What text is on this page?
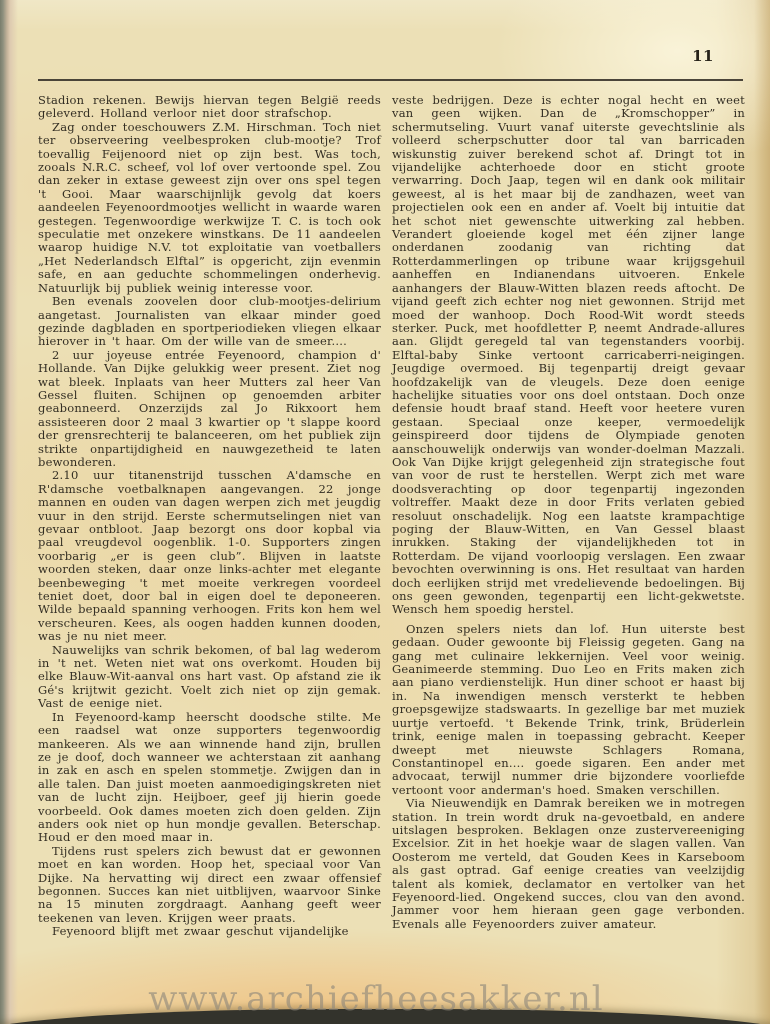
11

Stadion rekenen. Bewijs hiervan tegen België reeds geleverd. Holland verloor niet door strafschop.

Zag onder toeschouwers Z.M. Hirschman. Toch niet ter observeering veelbesproken club-mootje? Trof toevallig Feijenoord niet op zijn best. Was toch, zooals N.R.C. scheef, vol lof over vertoonde spel. Zou dan zeker in extase geweest zijn over ons spel tegen 't Gooi. Maar waarschijnlijk gevolg dat koers aandeelen Feyenoordmootjes wellicht in waarde waren gestegen. Tegenwoordige werkwijze T. C. is toch ook speculatie met onzekere winstkans. De 11 aandeelen waarop huidige N.V. tot exploitatie van voetballers „Het Nederlandsch Elftal” is opgericht, zijn evenmin safe, en aan geduchte schommelingen onderhevig. Natuurlijk bij publiek weinig interesse voor.

Ben evenals zoovelen door club-mootjes-delirium aangetast. Journalisten van elkaar minder goed gezinde dagbladen en sportperiodieken vliegen elkaar hierover in 't haar. Om der wille van de smeer....

2 uur joyeuse entrée Feyenoord, champion d' Hollande. Van Dijke gelukkig weer present. Ziet nog wat bleek. Inplaats van heer Mutters zal heer Van Gessel fluiten. Schijnen op genoemden arbiter geabonneerd. Onzerzijds zal Jo Rikxoort hem assisteeren door 2 maal 3 kwartier op 't slappe koord der grensrechterij te balanceeren, om het publiek zijn strikte onpartijdigheid en nauwgezetheid te laten bewonderen.

2.10 uur titanenstrijd tusschen A'damsche en R'damsche voetbalknapen aangevangen. 22 jonge mannen en ouden van dagen werpen zich met jeugdig vuur in den strijd. Eerste schermutselingen niet van gevaar ontbloot. Jaap bezorgt ons door kopbal via paal vreugdevol oogenblik. 1-0. Supporters zingen voorbarig „er is geen club”. Blijven in laatste woorden steken, daar onze links-achter met elegante beenbeweging 't met moeite verkregen voordeel teniet doet, door bal in eigen doel te deponeeren. Wilde bepaald spanning verhoogen. Frits kon hem wel verscheuren. Kees, als oogen hadden kunnen dooden, was je nu niet meer.

Nauwelijks van schrik bekomen, of bal lag wederom in 't net. Weten niet wat ons overkomt. Houden bij elke Blauw-Wit-aanval ons hart vast. Op afstand zie ik Gé's krijtwit gezicht. Voelt zich niet op zijn gemak. Vast de eenige niet.

In Feyenoord-kamp heerscht doodsche stilte. Me een raadsel wat onze supporters tegenwoordig mankeeren. Als we aan winnende hand zijn, brullen ze je doof, doch wanneer we achterstaan zit aanhang in zak en asch en spelen stommetje. Zwijgen dan in alle talen. Dan juist moeten aanmoedigingskreten niet van de lucht zijn. Heijboer, geef jij hierin goede voorbeeld. Ook dames moeten zich doen gelden. Zijn anders ook niet op hun mondje gevallen. Beterschap. Houd er den moed maar in.

Tijdens rust spelers zich bewust dat er gewonnen moet en kan worden. Hoop het, speciaal voor Van Dijke. Na hervatting wij direct een zwaar offensief begonnen. Succes kan niet uitblijven, waarvoor Sinke na 15 minuten zorgdraagt. Aanhang geeft weer teekenen van leven. Krijgen weer praats.

Feyenoord blijft met zwaar geschut vijandelijke

veste bedrijgen. Deze is echter nogal hecht en weet van geen wijken. Dan de „Kromschopper” in schermutseling. Vuurt vanaf uiterste gevechtslinie als volleerd scherpschutter door tal van barricaden wiskunstig zuiver berekend schot af. Dringt tot in vijandelijke achterhoede door en sticht groote verwarring. Doch Jaap, tegen wil en dank ook militair geweest, al is het maar bij de zandhazen, weet van projectielen ook een en ander af. Voelt bij intuitie dat het schot niet gewenschte uitwerking zal hebben. Verandert gloeiende kogel met één zijner lange onderdanen zoodanig van richting dat Rotterdammerlingen op tribune waar krijgsgehuil aanheffen en Indianendans uitvoeren. Enkele aanhangers der Blauw-Witten blazen reeds aftocht. De vijand geeft zich echter nog niet gewonnen. Strijd met moed der wanhoop. Doch Rood-Wit wordt steeds sterker. Puck, met hoofdletter P, neemt Andrade-allures aan. Glijdt geregeld tal van tegenstanders voorbij. Elftal-baby Sinke vertoont carricaberri-neigingen. Jeugdige overmoed. Bij tegenpartij dreigt gevaar hoofdzakelijk van de vleugels. Deze doen eenige hachelijke situaties voor ons doel ontstaan. Doch onze defensie houdt braaf stand. Heeft voor heetere vuren gestaan. Speciaal onze keeper, vermoedelijk geinspireerd door tijdens de Olympiade genoten aanschouwelijk onderwijs van wonder-doelman Mazzali. Ook Van Dijke krijgt gelegenheid zijn strategische fout van voor de rust te herstellen. Werpt zich met ware doodsverachting op door tegenpartij ingezonden voltreffer. Maakt deze in door Frits verlaten gebied resoluut onschadelijk. Nog een laatste krampachtige poging der Blauw-Witten, en Van Gessel blaast inrukken. Staking der vijandelijkheden tot in Rotterdam. De vijand voorloopig verslagen. Een zwaar bevochten overwinning is ons. Het resultaat van harden doch eerlijken strijd met vredelievende bedoelingen. Bij ons geen gewonden, tegenpartij een licht-gekwetste. Wensch hem spoedig herstel.

Onzen spelers niets dan lof. Hun uiterste best gedaan. Ouder gewoonte bij Fleissig gegeten. Gang na gang met culinaire lekkernijen. Veel voor weinig. Geanimeerde stemming. Duo Leo en Frits maken zich aan piano verdienstelijk. Hun diner schoot er haast bij in. Na inwendigen mensch versterkt te hebben groepsgewijze stadswaarts. In gezellige bar met muziek uurtje vertoefd. 't Bekende Trink, trink, Brüderlein trink, eenige malen in toepassing gebracht. Keeper dweept met nieuwste Schlagers Romana, Constantinopel en.... goede sigaren. Een ander met advocaat, terwijl nummer drie bijzondere voorliefde vertoont voor anderman's hoed. Smaken verschillen.

Via Nieuwendijk en Damrak bereiken we in motregen station. In trein wordt druk na-gevoetbald, en andere uitslagen besproken. Beklagen onze zustervereeniging Excelsior. Zit in het hoekje waar de slagen vallen. Van Oosterom me verteld, dat Gouden Kees in Karseboom als gast optrad. Gaf eenige creaties van veelzijdig talent als komiek, declamator en vertolker van het Feyenoord-lied. Ongekend succes, clou van den avond. Jammer voor hem hieraan geen gage verbonden. Evenals alle Feyenoorders zuiver amateur.

www.archiefheesakker.nl
